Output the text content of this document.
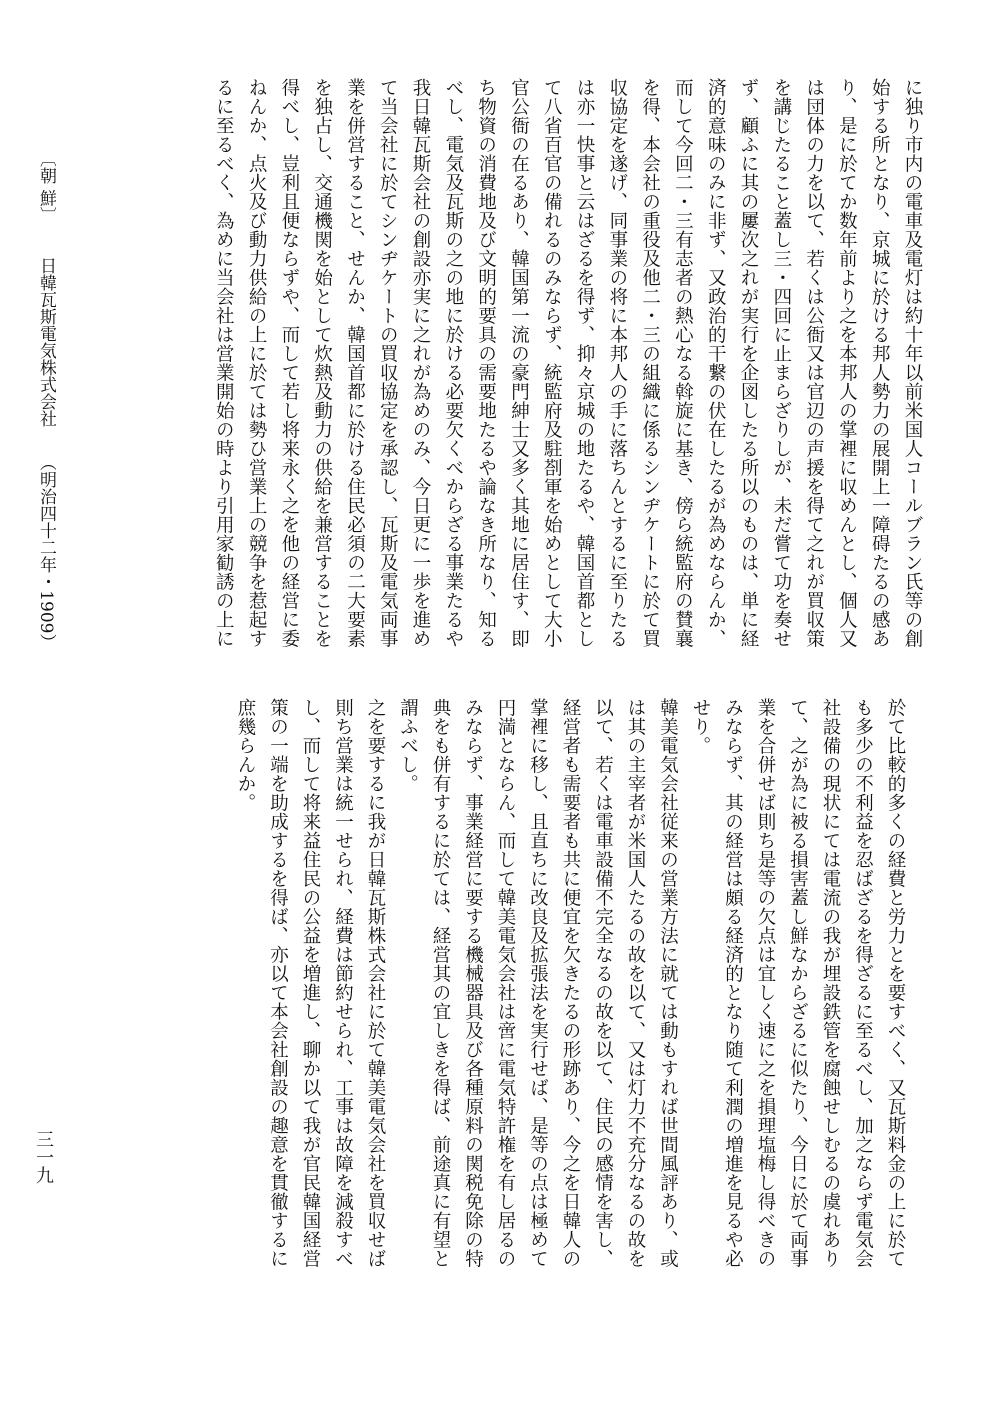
に独り市内の電車及電灯は約十年以前米国人コールブラン氏等の創
始する所となり、京城に於ける邦人勢力の展開上一障碍たるの感あ
り、是に於てか数年前より之を本邦人の掌裡に収めんとし、個人又
は団体の力を以て、若くは公衙又は官辺の声援を得て之れが買収策
を講じたること蓋し三・四回に止まらざりしが、未だ嘗て功を奏せ
ず、顧ふに其の屢次之れが実行を企図したる所以のものは、単に経
済的意味のみに非ず、又政治的干繋の伏在したるが為めならんか、
而して今回二・三有志者の熱心なる斡旋に基き、傍ら統監府の賛襄
を得、本会社の重役及他二・三の組織に係るシンヂケートに於て買
収協定を遂げ、同事業の将に本邦人の手に落ちんとするに至りたる
は亦一快事と云はざるを得ず、抑々京城の地たるや、韓国首都とし
て八省百官の備れるのみならず、統監府及駐剳軍を始めとして大小
官公衙の在るあり、韓国第一流の豪門紳士又多く其地に居住す、即
ち物資の消費地及び文明的要具の需要地たるや論なき所なり、知る
べし、電気及瓦斯の之の地に於ける必要欠くべからざる事業たるや
我日韓瓦斯会社の創設亦実に之れが為めのみ、今日更に一歩を進め
て当会社に於てシンヂケートの買収協定を承認し、瓦斯及電気両事
業を併営すること、せんか、韓国首都に於ける住民必須の二大要素
を独占し、交通機関を始として炊熱及動力の供給を兼営することを
得べし、豈利且便ならずや、而して若し将来永く之を他の経営に委
ねんか、点火及び動力供給の上に於ては勢ひ営業上の競争を惹起す
るに至るべく、為めに当会社は営業開始の時より引用家勧誘の上に
於て比較的多くの経費と労力とを要すべく、又瓦斯料金の上に於て
も多少の不利益を忍ばざるを得ざるに至るべし、加之ならず電気会
社設備の現状にては電流の我が埋設鉄管を腐蝕せしむるの虞れあり
て、之が為に被る損害蓋し鮮なからざるに似たり、今日に於て両事
業を合併せば則ち是等の欠点は宜しく速に之を損理塩梅し得べきの
みならず、其の経営は頗る経済的となり随て利潤の増進を見るや必
せり。
韓美電気会社従来の営業方法に就ては動もすれば世間風評あり、或
は其の主宰者が米国人たるの故を以て、又は灯力不充分なるの故を
以て、若くは電車設備不完全なるの故を以て、住民の感情を害し、
経営者も需要者も共に便宜を欠きたるの形跡あり、今之を日韓人の
掌裡に移し、且直ちに改良及拡張法を実行せば、是等の点は極めて
円満とならん、而して韓美電気会社は啻に電気特許権を有し居るの
みならず、事業経営に要する機械器具及び各種原料の関税免除の特
典をも併有するに於ては、経営其の宜しきを得ば、前途真に有望と
謂ふべし。
之を要するに我が日韓瓦斯株式会社に於て韓美電気会社を買収せば
則ち営業は統一せられ、経費は節約せられ、工事は故障を減殺すべ
し、而して将来益住民の公益を増進し、聊か以て我が官民韓国経営
策の一端を助成するを得ば、亦以て本会社創設の趣意を貫徹するに
庶幾らんか。
〔朝 鮮〕 日韓瓦斯電気株式会社 （明治四十二年・1909）
三一九
